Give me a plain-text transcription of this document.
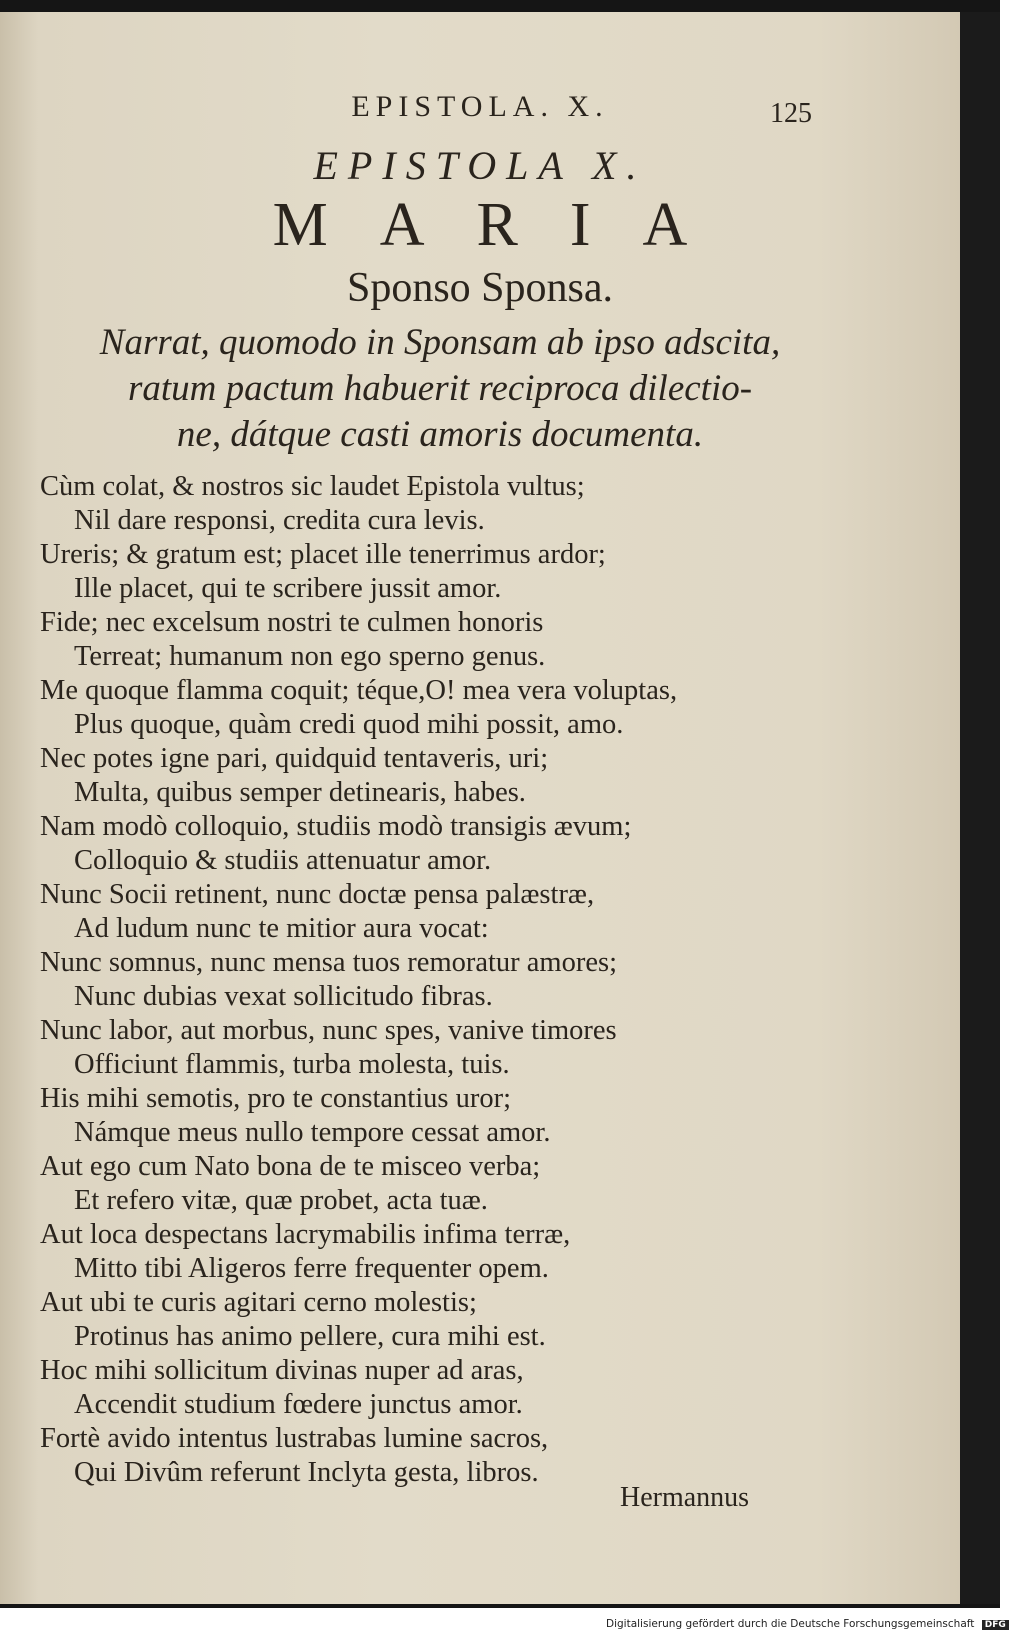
EPISTOLA. X.	125
EPISTOLA X.
MARIA
Sponso Sponsa.
Narrat, quomodo in Sponsam ab ipso adscita,
ratum pactum habuerit reciproca dilectio-
ne, dátque casti amoris documenta.
Cùm colat, & nostros sic laudet Epistola vultus;
Nil dare responsi, credita cura levis.
Ureris; & gratum est; placet ille tenerrimus ardor;
Ille placet, qui te scribere jussit amor.
Fide; nec excelsum nostri te culmen honoris
Terreat; humanum non ego sperno genus.
Me quoque flamma coquit; téque,O! mea vera voluptas,
Plus quoque, quàm credi quod mihi possit, amo.
Nec potes igne pari, quidquid tentaveris, uri;
Multa, quibus semper detinearis, habes.
Nam modò colloquio, studiis modò transigis ævum;
Colloquio & studiis attenuatur amor.
Nunc Socii retinent, nunc doctæ pensa palæstræ,
Ad ludum nunc te mitior aura vocat:
Nunc somnus, nunc mensa tuos remoratur amores;
Nunc dubias vexat sollicitudo fibras.
Nunc labor, aut morbus, nunc spes, vanive timores
Officiunt flammis, turba molesta, tuis.
His mihi semotis, pro te constantius uror;
Námque meus nullo tempore cessat amor.
Aut ego cum Nato bona de te misceo verba;
Et refero vitæ, quæ probet, acta tuæ.
Aut loca despectans lacrymabilis infima terræ,
Mitto tibi Aligeros ferre frequenter opem.
Aut ubi te curis agitari cerno molestis;
Protinus has animo pellere, cura mihi est.
Hoc mihi sollicitum divinas nuper ad aras,
Accendit studium fœdere junctus amor.
Fortè avido intentus lustrabas lumine sacros,
Qui Divûm referunt Inclyta gesta, libros.
Hermannus
Digitalisierung gefördert durch die Deutsche Forschungsgemeinschaft DFG
